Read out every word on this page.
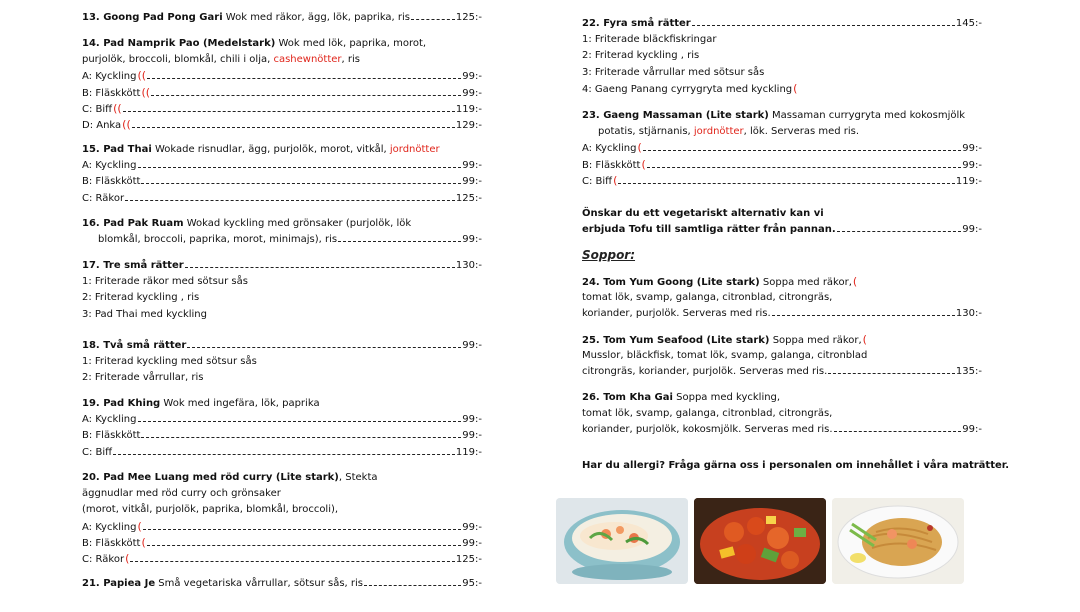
13. Goong Pad Pong Gari Wok med räkor, ägg, lök, paprika, ris	125:-
14. Pad Namprik Pao (Medelstark) Wok med lök, paprika, morot,
purjolök, broccoli, blomkål, chili i olja, cashewnötter, ris
A: Kyckling((	99:-
B: Fläskkött((	99:-
C: Biff((	119:-
D: Anka((	129:-
15. Pad Thai Wokade risnudlar, ägg, purjolök, morot, vitkål, jordnötter
A: Kyckling	99:-
B: Fläskkött	99:-
C: Räkor	125:-
16. Pad Pak Ruam Wokad kyckling med grönsaker (purjolök, lök
blomkål, broccoli, paprika, morot, minimajs), ris	99:-
17. Tre små rätter	130:-
1: Friterade räkor med sötsur sås
2: Friterad kyckling , ris
3: Pad Thai med kyckling
18. Två små rätter	99:-
1: Friterad kyckling med sötsur sås
2: Friterade vårrullar, ris
19. Pad Khing Wok med ingefära, lök, paprika
A: Kyckling	99:-
B: Fläskkött	99:-
C: Biff	119:-
20. Pad Mee Luang med röd curry (Lite stark), Stekta
äggnudlar med röd curry och grönsaker
(morot, vitkål, purjolök, paprika, blomkål, broccoli),
A: Kyckling(	99:-
B: Fläskkött(	99:-
C: Räkor(	125:-
21. Papiea Je Små vegetariska vårrullar, sötsur sås, ris	95:-
22. Fyra små rätter	145:-
1: Friterade bläckfiskringar
2: Friterad kyckling , ris
3: Friterade vårrullar med sötsur sås
4: Gaeng Panang cyrrygryta med kyckling(
23. Gaeng Massaman (Lite stark) Massaman currygryta med kokosmjölk
potatis, stjärnanis, jordnötter, lök. Serveras med ris.
A: Kyckling(	99:-
B: Fläskkött(	99:-
C: Biff(	119:-
Önskar du ett vegetariskt alternativ kan vi
erbjuda Tofu till samtliga rätter från pannan.	99:-
Soppor:
24. Tom Yum Goong (Lite stark) Soppa med räkor,(
tomat lök, svamp, galanga, citronblad, citrongräs,
koriander, purjolök. Serveras med ris.	130:-
25. Tom Yum Seafood (Lite stark) Soppa med räkor,(
Musslor, bläckfisk, tomat lök, svamp, galanga, citronblad
citrongräs, koriander, purjolök. Serveras med ris.	135:-
26. Tom Kha Gai Soppa med kyckling,
tomat lök, svamp, galanga, citronblad, citrongräs,
koriander, purjolök, kokosmjölk. Serveras med ris.	99:-
Har du allergi? Fråga gärna oss i personalen om innehållet i våra maträtter.
